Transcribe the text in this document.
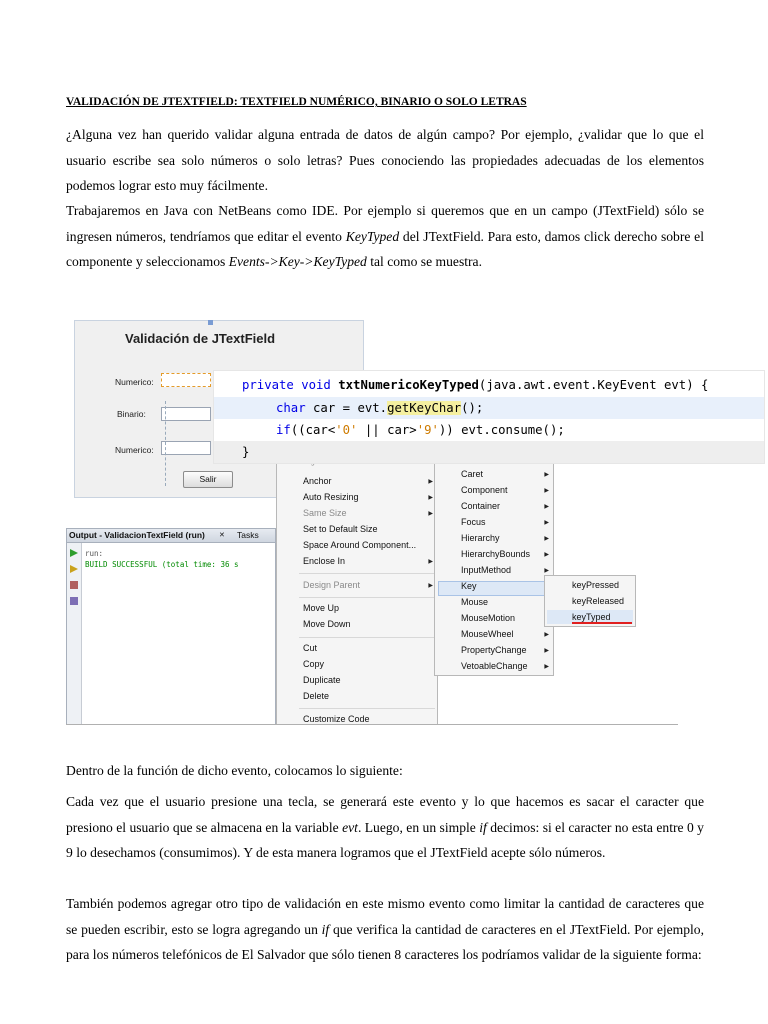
VALIDACIÓN DE JTEXTFIELD: TEXTFIELD NUMÉRICO, BINARIO O SOLO LETRAS

¿Alguna vez han querido validar alguna entrada de datos de algún campo? Por ejemplo, ¿validar que lo que el usuario escribe sea solo números o solo letras? Pues conociendo las propiedades adecuadas de los elementos podemos lograr esto muy fácilmente.

Trabajaremos en Java con NetBeans como IDE. Por ejemplo si queremos que en un campo (JTextField) sólo se ingresen números, tendríamos que editar el evento KeyTyped del JTextField. Para esto, damos click derecho sobre el componente y seleccionamos Events->Key->KeyTyped tal como se muestra.

Validación de JTextField
Numerico:
Binario:
Numerico:
Salir
Output - ValidacionTextField (run) ✕ Tasks
run:
BUILD SUCCESSFUL (total time: 36 s
Anchor	▶
Auto Resizing	▶
Same Size	▶
Set to Default Size
Space Around Component...
Enclose In	▶
Design Parent	▶
Move Up
Move Down
Cut
Copy
Duplicate
Delete
Customize Code
Caret	▶
Component	▶
Container	▶
Focus	▶
Hierarchy	▶
HierarchyBounds ▶
InputMethod	▶
Key
Mouse
MouseMotion
MouseWheel	▶
PropertyChange	▶
VetoableChange	▶
keyPressed
keyReleased
keyTyped
private void txtNumericoKeyTyped(java.awt.event.KeyEvent evt) {
char car = evt.getKeyChar();
if((car<'0' || car>'9')) evt.consume();
}

Dentro de la función de dicho evento, colocamos lo siguiente:

Cada vez que el usuario presione una tecla, se generará este evento y lo que hacemos es sacar el caracter que presiono el usuario que se almacena en la variable evt. Luego, en un simple if decimos: si el caracter no esta entre 0 y 9 lo desechamos (consumimos). Y de esta manera logramos que el JTextField acepte sólo números.

También podemos agregar otro tipo de validación en este mismo evento como limitar la cantidad de caracteres que se pueden escribir, esto se logra agregando un if que verifica la cantidad de caracteres en el JTextField. Por ejemplo, para los números telefónicos de El Salvador que sólo tienen 8 caracteres los podríamos validar de la siguiente forma:
